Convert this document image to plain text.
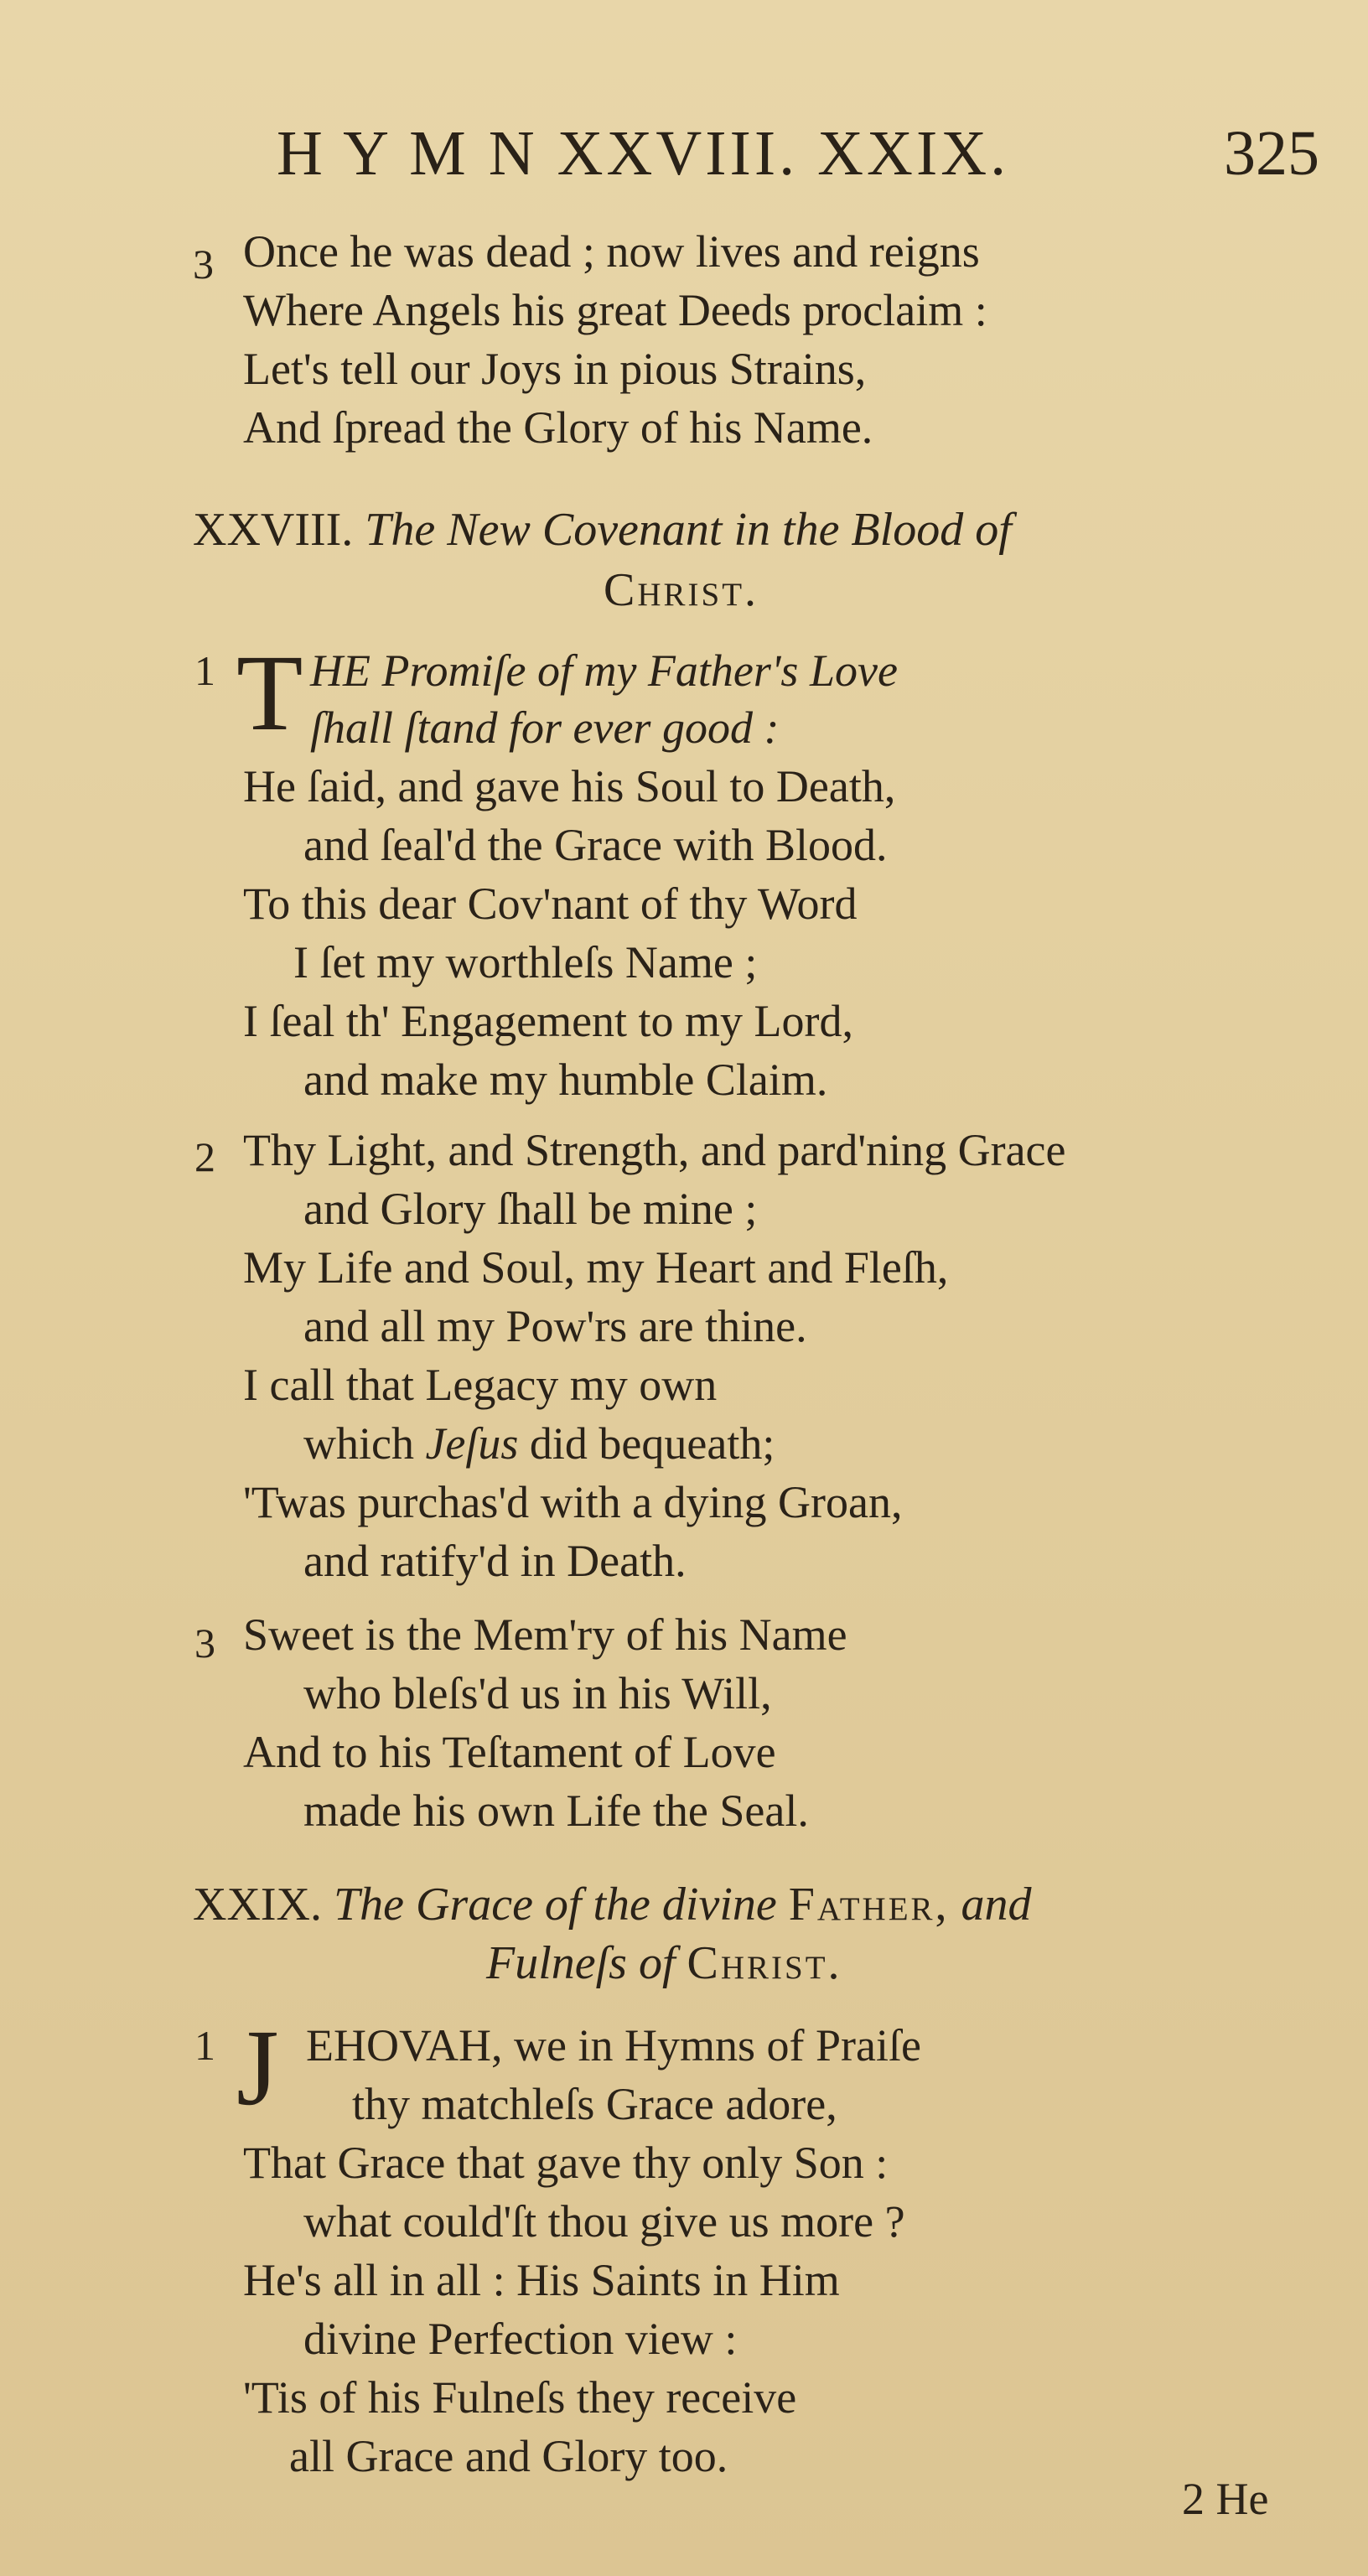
H Y M N XXVIII. XXIX.	325
3 Once he was dead ; now lives and reigns
Where Angels his great Deeds proclaim :
Let's tell our Joys in pious Strains,
And ſpread the Glory of his Name.
XXVIII. The New Covenant in the Blood of
Christ.
1 T HE Promiſe of my Father's Love
ſhall ſtand for ever good :
He ſaid, and gave his Soul to Death,
and ſeal'd the Grace with Blood.
To this dear Cov'nant of thy Word
I ſet my worthleſs Name ;
I ſeal th' Engagement to my Lord,
and make my humble Claim.
2 Thy Light, and Strength, and pard'ning Grace
and Glory ſhall be mine ;
My Life and Soul, my Heart and Fleſh,
and all my Pow'rs are thine.
I call that Legacy my own
which Jeſus did bequeath;
'Twas purchas'd with a dying Groan,
and ratify'd in Death.
3 Sweet is the Mem'ry of his Name
who bleſs'd us in his Will,
And to his Teſtament of Love
made his own Life the Seal.
XXIX. The Grace of the divine Father, and
Fulneſs of Christ.
1 J EHOVAH, we in Hymns of Praiſe
thy matchleſs Grace adore,
That Grace that gave thy only Son :
what could'ſt thou give us more ?
He's all in all : His Saints in Him
divine Perfection view :
'Tis of his Fulneſs they receive
all Grace and Glory too.
2 He
